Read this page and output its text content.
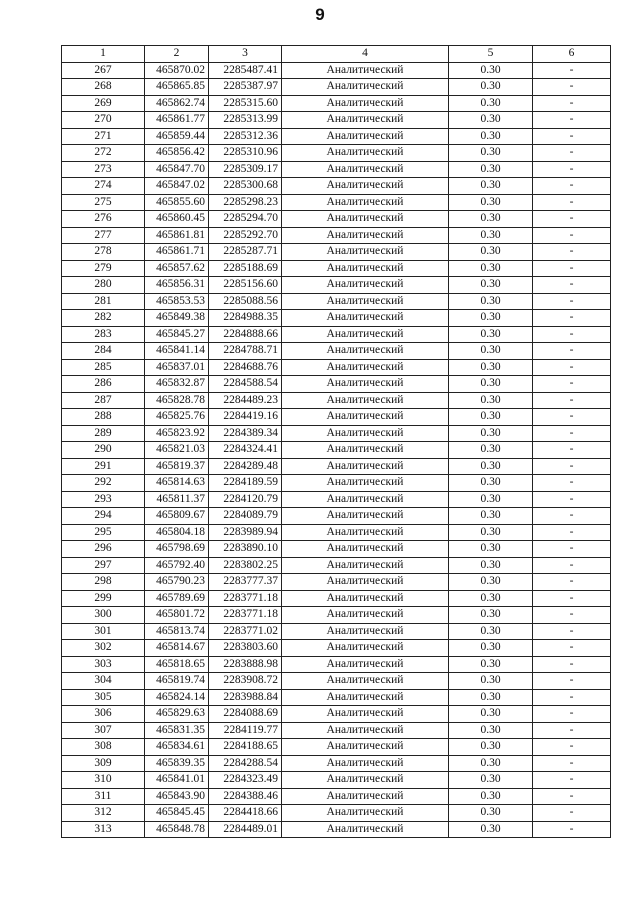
9
1	2	3	4	5	6
267	465870.02	2285487.41	Аналитический	0.30	-
268	465865.85	2285387.97	Аналитический	0.30	-
269	465862.74	2285315.60	Аналитический	0.30	-
270	465861.77	2285313.99	Аналитический	0.30	-
271	465859.44	2285312.36	Аналитический	0.30	-
272	465856.42	2285310.96	Аналитический	0.30	-
273	465847.70	2285309.17	Аналитический	0.30	-
274	465847.02	2285300.68	Аналитический	0.30	-
275	465855.60	2285298.23	Аналитический	0.30	-
276	465860.45	2285294.70	Аналитический	0.30	-
277	465861.81	2285292.70	Аналитический	0.30	-
278	465861.71	2285287.71	Аналитический	0.30	-
279	465857.62	2285188.69	Аналитический	0.30	-
280	465856.31	2285156.60	Аналитический	0.30	-
281	465853.53	2285088.56	Аналитический	0.30	-
282	465849.38	2284988.35	Аналитический	0.30	-
283	465845.27	2284888.66	Аналитический	0.30	-
284	465841.14	2284788.71	Аналитический	0.30	-
285	465837.01	2284688.76	Аналитический	0.30	-
286	465832.87	2284588.54	Аналитический	0.30	-
287	465828.78	2284489.23	Аналитический	0.30	-
288	465825.76	2284419.16	Аналитический	0.30	-
289	465823.92	2284389.34	Аналитический	0.30	-
290	465821.03	2284324.41	Аналитический	0.30	-
291	465819.37	2284289.48	Аналитический	0.30	-
292	465814.63	2284189.59	Аналитический	0.30	-
293	465811.37	2284120.79	Аналитический	0.30	-
294	465809.67	2284089.79	Аналитический	0.30	-
295	465804.18	2283989.94	Аналитический	0.30	-
296	465798.69	2283890.10	Аналитический	0.30	-
297	465792.40	2283802.25	Аналитический	0.30	-
298	465790.23	2283777.37	Аналитический	0.30	-
299	465789.69	2283771.18	Аналитический	0.30	-
300	465801.72	2283771.18	Аналитический	0.30	-
301	465813.74	2283771.02	Аналитический	0.30	-
302	465814.67	2283803.60	Аналитический	0.30	-
303	465818.65	2283888.98	Аналитический	0.30	-
304	465819.74	2283908.72	Аналитический	0.30	-
305	465824.14	2283988.84	Аналитический	0.30	-
306	465829.63	2284088.69	Аналитический	0.30	-
307	465831.35	2284119.77	Аналитический	0.30	-
308	465834.61	2284188.65	Аналитический	0.30	-
309	465839.35	2284288.54	Аналитический	0.30	-
310	465841.01	2284323.49	Аналитический	0.30	-
311	465843.90	2284388.46	Аналитический	0.30	-
312	465845.45	2284418.66	Аналитический	0.30	-
313	465848.78	2284489.01	Аналитический	0.30	-
